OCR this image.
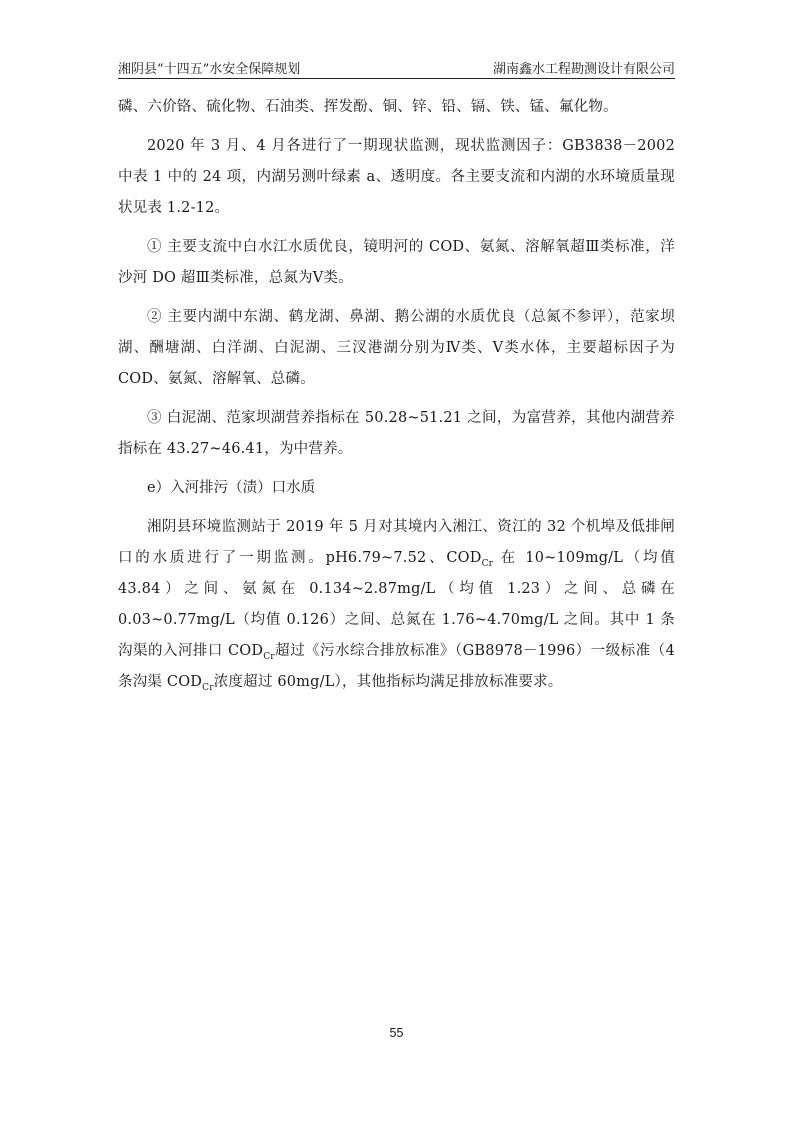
湘阴县“十四五”水安全保障规划	湖南鑫水工程勘测设计有限公司

磷、六价铬、硫化物、石油类、挥发酚、铜、锌、铅、镉、铁、锰、氟化物。

2020 年 3 月、4 月各进行了一期现状监测，现状监测因子：GB3838－2002 中表 1 中的 24 项，内湖另测叶绿素 a、透明度。各主要支流和内湖的水环境质量现状见表 1.2-12。

① 主要支流中白水江水质优良，镜明河的 COD、氨氮、溶解氧超Ⅲ类标准，洋沙河 DO 超Ⅲ类标准，总氮为Ⅴ类。

② 主要内湖中东湖、鹤龙湖、鼻湖、鹅公湖的水质优良（总氮不参评），范家坝湖、酬塘湖、白洋湖、白泥湖、三汊港湖分别为Ⅳ类、Ⅴ类水体，主要超标因子为 COD、氨氮、溶解氧、总磷。

③ 白泥湖、范家坝湖营养指标在 50.28~51.21 之间，为富营养，其他内湖营养指标在 43.27~46.41，为中营养。

e）入河排污（渍）口水质

湘阴县环境监测站于 2019 年 5 月对其境内入湘江、资江的 32 个机埠及低排闸口的水质进行了一期监测。pH6.79~7.52、$COD_{Cr}$ 在 10~109mg/L（均值 43.84）之间、氨氮在 0.134~2.87mg/L（均值 1.23）之间、总磷在 0.03~0.77mg/L（均值 0.126）之间、总氮在 1.76~4.70mg/L 之间。其中 1 条沟渠的入河排口 $COD_{Cr}$超过《污水综合排放标准》（GB8978－1996）一级标准（4 条沟渠 $COD_{Cr}$浓度超过 60mg/L），其他指标均满足排放标准要求。

55
